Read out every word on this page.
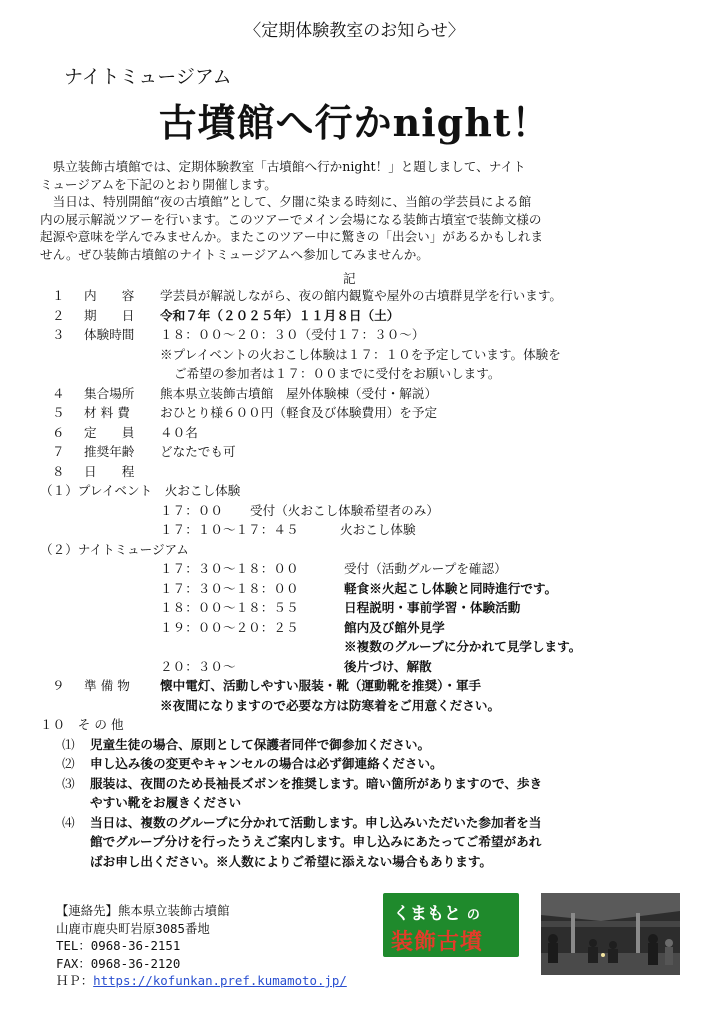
〈定期体験教室のお知らせ〉
ナイトミュージアム
古墳館へ行かnight！

　県立装飾古墳館では、定期体験教室「古墳館へ行かnight！」と題しまして、ナイト

ミュージアムを下記のとおり開催します。

　当日は、特別開館“夜の古墳館”として、夕闇に染まる時刻に、当館の学芸員による館

内の展示解説ツアーを行います。このツアーでメイン会場になる装飾古墳室で装飾文様の

起源や意味を学んでみませんか。またこのツアー中に驚きの「出会い」があるかもしれま

せん。ぜひ装飾古墳館のナイトミュージアムへ参加してみませんか。

記
１ 内　　容 学芸員が解説しながら、夜の館内観覧や屋外の古墳群見学を行います。
２ 期　　日 令和７年（２０２５年）１１月８日（土）
３ 体験時間 １８：００～２０：３０（受付１７：３０～）
※プレイベントの火おこし体験は１７：１０を予定しています。体験を
ご希望の参加者は１７：００までに受付をお願いします。
４ 集合場所 熊本県立装飾古墳館　屋外体験棟（受付・解説）
５ 材 料 費 おひとり様６００円（軽食及び体験費用）を予定
６ 定　　員 ４０名
７ 推奨年齢 どなたでも可
８ 日　　程
（１）プレイベント　火おこし体験
１７：００ 受付（火おこし体験希望者のみ）
１７：１０～１７：４５	火おこし体験
（２）ナイトミュージアム
１７：３０～１８：００	受付（活動グループを確認）
１７：３０～１８：００	軽食※火起こし体験と同時進行です。
１８：００～１８：５５	日程説明・事前学習・体験活動
１９：００～２０：２５	館内及び館外見学
※複数のグループに分かれて見学します。
２０：３０～	後片づけ、解散
９ 準 備 物 懐中電灯、活動しやすい服装・靴（運動靴を推奨）・軍手
※夜間になりますので必要な方は防寒着をご用意ください。
１０　そ の 他
⑴ 児童生徒の場合、原則として保護者同伴で御参加ください。
⑵ 申し込み後の変更やキャンセルの場合は必ず御連絡ください。
⑶ 服装は、夜間のため長袖長ズボンを推奨します。暗い箇所がありますので、歩き
やすい靴をお履きください
⑷ 当日は、複数のグループに分かれて活動します。申し込みいただいた参加者を当
館でグループ分けを行ったうえご案内します。申し込みにあたってご希望があれ
ばお申し出ください。※人数によりご希望に添えない場合もあります。
【連絡先】熊本県立装飾古墳館
山鹿市鹿央町岩原3085番地
TEL：0968-36-2151
FAX：0968-36-2120
ＨＰ：https://kofunkan.pref.kumamoto.jp/
くまもと の
装飾古墳
